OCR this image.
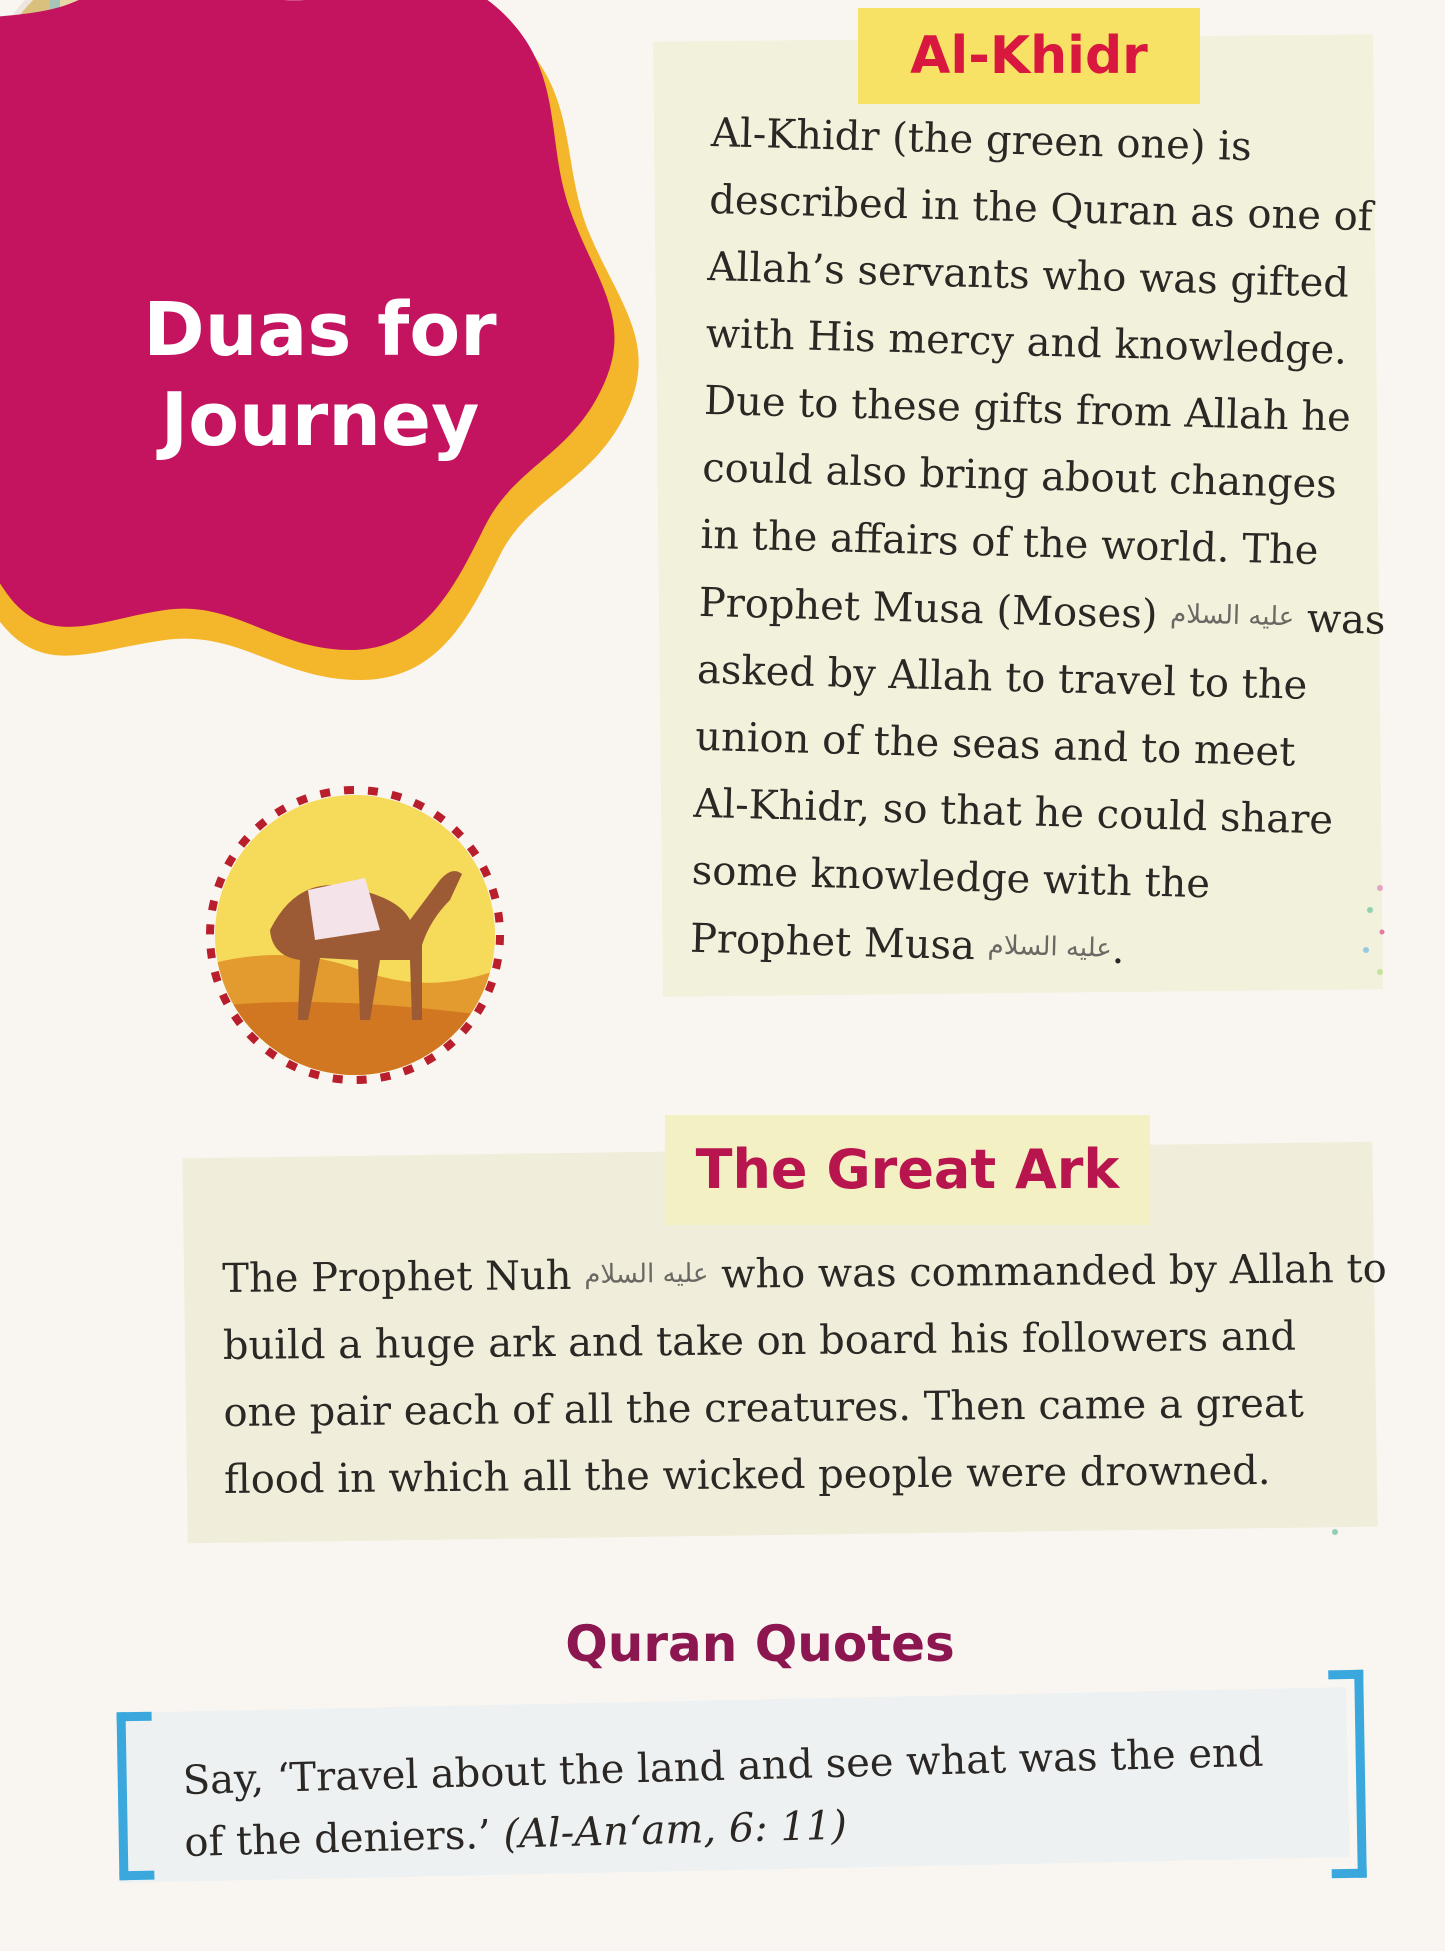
Duas for
Journey
Al-Khidr
Al-Khidr (the green one) is
described in the Quran as one of
Allah’s servants who was gifted
with His mercy and knowledge.
Due to these gifts from Allah he
could also bring about changes
in the affairs of the world. The
Prophet Musa (Moses) عليه السلام was
asked by Allah to travel to the
union of the seas and to meet
Al-Khidr, so that he could share
some knowledge with the
Prophet Musa عليه السلام.
The Great Ark
The Prophet Nuh عليه السلام who was commanded by Allah to
build a huge ark and take on board his followers and
one pair each of all the creatures. Then came a great
flood in which all the wicked people were drowned.
Quran Quotes
Say, ‘Travel about the land and see what was the end
of the deniers.’ (Al-An‘am, 6: 11)
